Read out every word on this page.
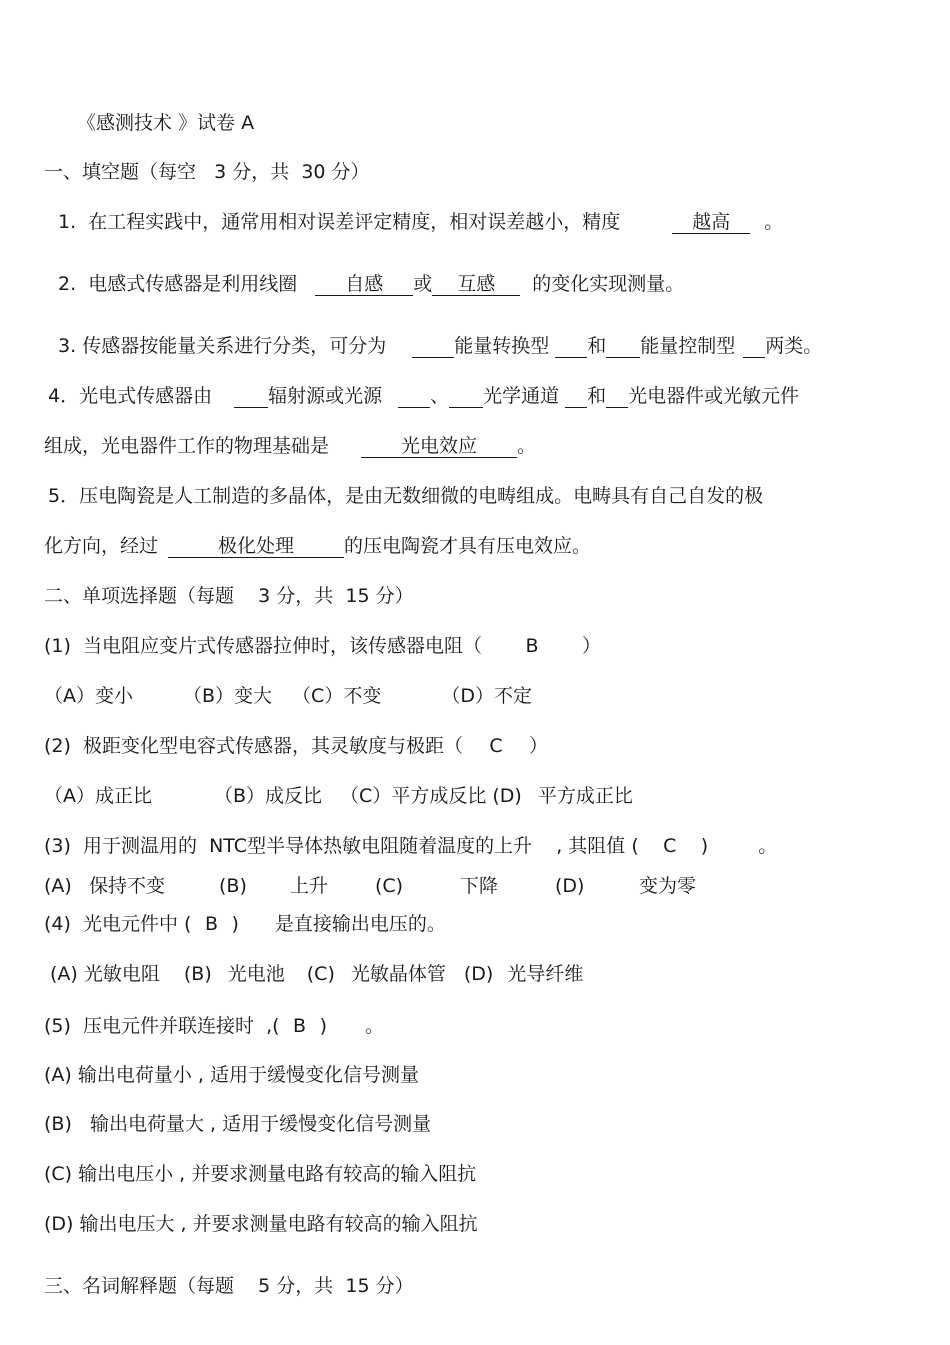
《感测技术 》试卷 A
一、填空题（每空   3 分，共  30 分）
1. 在工程实践中，通常用相对误差评定精度，相对误差越小，精度	越高 。
2. 电感式传感器是利用线圈	自感 或 互感 的变化实现测量。
3. 传感器按能量关系进行分类，可分为	能量转换型 和 能量控制型 两类。
4．光电式传感器由	辐射源或光源	、 光学通道 和 光电器件或光敏元件
组成，光电器件工作的物理基础是	光电效应 。
5．压电陶瓷是人工制造的多晶体，是由无数细微的电畴组成。电畴具有自己自发的极
化方向，经过	极化处理	的压电陶瓷才具有压电效应。
二、单项选择题（每题    3 分，共  15 分）
(1) 当电阻应变片式传感器拉伸时，该传感器电阻（ B ）
（A）变小	（B）变大 （C）不变	（D）不定
(2) 极距变化型电容式传感器，其灵敏度与极距（ C ）
（A）成正比	（B）成反比 （C）平方成反比 (D) 平方成正比
(3) 用于测温用的  NTC型半导体热敏电阻随着温度的上升    , 其阻值 ( C )	。
(A) 保持不变	(B) 上升 (C)	下降	(D)	变为零
(4) 光电元件中 ( B ) 是直接输出电压的。
(A) 光敏电阻 (B) 光电池 (C) 光敏晶体管 (D) 光导纤维
(5) 压电元件并联连接时  ,( B ) 。
(A) 输出电荷量小 , 适用于缓慢变化信号测量
(B)   输出电荷量大 , 适用于缓慢变化信号测量
(C) 输出电压小 , 并要求测量电路有较高的输入阻抗
(D) 输出电压大 , 并要求测量电路有较高的输入阻抗
三、名词解释题（每题    5 分，共  15 分）
